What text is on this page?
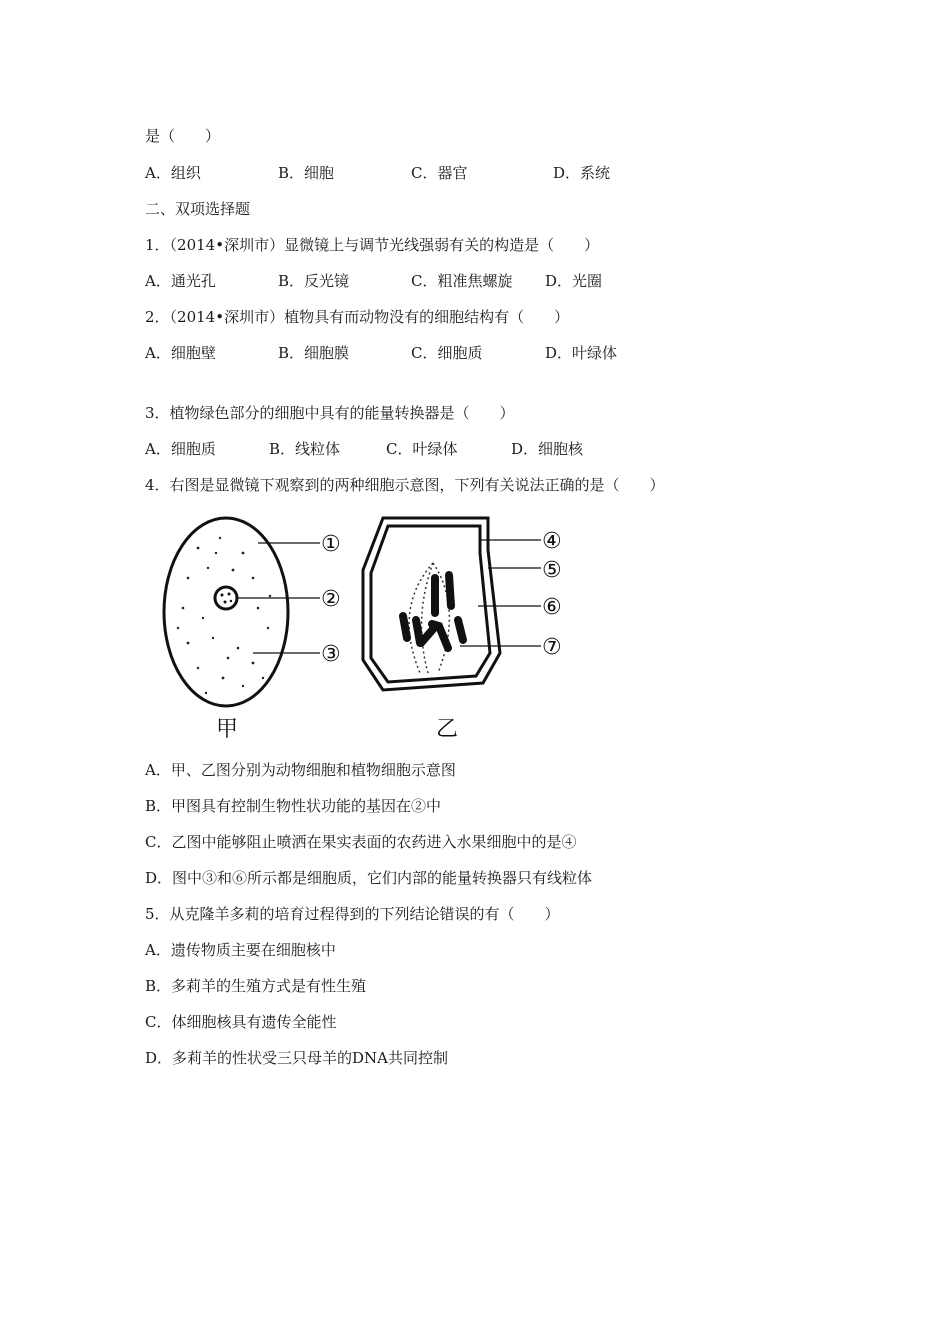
是（　　）
A．组织	B．细胞	C．器官	D．系统
二、双项选择题
1．（2014•深圳市）显微镜上与调节光线强弱有关的构造是（　　）
A．通光孔	B．反光镜	C．粗准焦螺旋 D．光圈
2．（2014•深圳市）植物具有而动物没有的细胞结构有（　　）
A．细胞壁	B．细胞膜	C．细胞质	D．叶绿体
3．植物绿色部分的细胞中具有的能量转换器是（　　）
A．细胞质	B．线粒体	C．叶绿体	D．细胞核
4．右图是显微镜下观察到的两种细胞示意图，下列有关说法正确的是（　　）
①
②
③
甲
④
⑤
⑥
⑦
乙
A．甲、乙图分别为动物细胞和植物细胞示意图
B．甲图具有控制生物性状功能的基因在②中
C．乙图中能够阻止喷洒在果实表面的农药进入水果细胞中的是④
D．图中③和⑥所示都是细胞质，它们内部的能量转换器只有线粒体
5．从克隆羊多莉的培育过程得到的下列结论错误的有（　　）
A．遗传物质主要在细胞核中
B．多莉羊的生殖方式是有性生殖
C．体细胞核具有遗传全能性
D．多莉羊的性状受三只母羊的DNA共同控制
